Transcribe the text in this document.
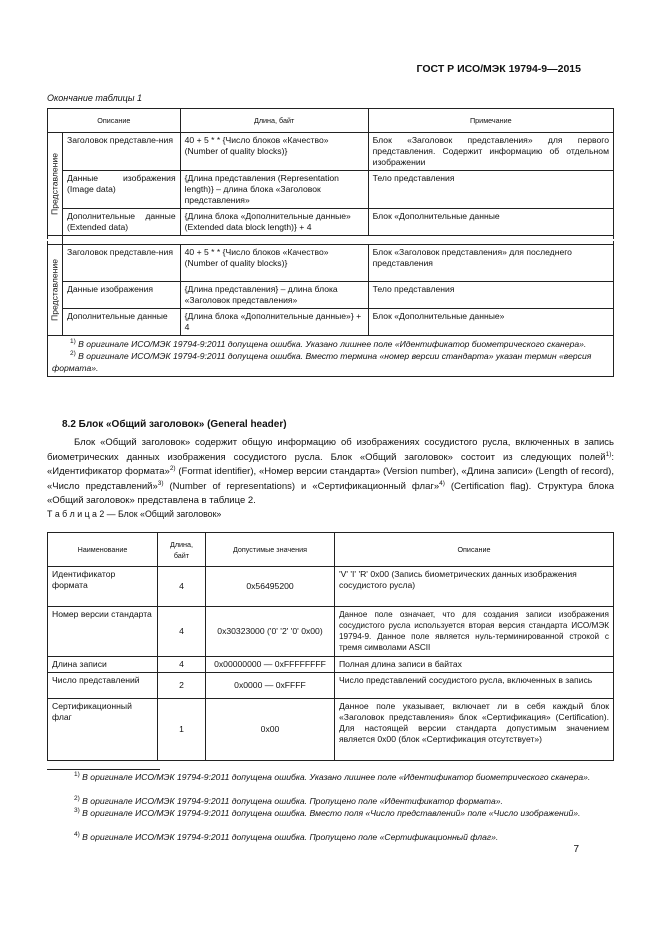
ГОСТ Р ИСО/МЭК 19794-9—2015
Окончание таблицы 1
Описание		Длина, байт	Примечание

Представление	Заголовок представле-ния	40 + 5 * * {Число блоков «Качество» (Number of quality blocks)}	Блок «Заголовок представления» для первого представления. Содержит информацию об отдельном изображении
	Данные изображения (Image data)	{Длина представления (Representation length)} – длина блока «Заголовок представления»	Тело представления
	Дополнительные данные (Extended data)	{Длина блока «Дополнительные данные» (Extended data block length)} + 4	Блок «Дополнительные данные

Представление	Заголовок представле-ния	40 + 5 * * {Число блоков «Качество» (Number of quality blocks)}	Блок «Заголовок представления» для последнего представления
	Данные изображения	{Длина представления} – длина блока «Заголовок представления»	Тело представления
	Дополнительные данные	{Длина блока «Дополнительные данные»} + 4	Блок «Дополнительные данные»

$^{1)}$ В оригинале ИСО/МЭК 19794-9:2011 допущена ошибка. Указано лишнее поле «Идентификатор биометрического сканера».
$^{2)}$ В оригинале ИСО/МЭК 19794-9:2011 допущена ошибка. Вместо термина «номер версии стандарта» указан термин «версия формата».			
8.2 Блок «Общий заголовок» (General header)
Блок «Общий заголовок» содержит общую информацию об изображениях сосудистого русла, включенных в запись биометрических данных изображения сосудистого русла. Блок «Общий заголовок» состоит из следующих полей$^{1)}$: «Идентификатор формата»$^{2)}$ (Format identifier), «Номер версии стандарта» (Version number), «Длина записи» (Length of record), «Число представлений»$^{3)}$ (Number of representations) и «Сертификационный флаг»$^{4)}$ (Certification flag). Структура блока «Общий заголовок» представлена в таблице 2.
Т а б л и ц а 2 — Блок «Общий заголовок»
Наименование	Длина, байт	Допустимые значения	Описание
Идентификатор формата	4	0x56495200	'V' 'I' 'R' 0x00 (Запись биометрических данных изображения сосудистого русла)
Номер версии стандарта	4	0x30323000 ('0' '2' '0' 0x00)	Данное поле означает, что для создания записи изображения сосудистого русла используется вторая версия стандарта ИСО/МЭК 19794-9. Данное поле является нуль-терминированной строкой с тремя символами ASCII
Длина записи	4	0x00000000 — 0xFFFFFFFF	Полная длина записи в байтах
Число представлений	2	0x0000 — 0xFFFF	Число представлений сосудистого русла, включенных в запись
Сертификационный флаг	1	0x00	Данное поле указывает, включает ли в себя каждый блок «Заголовок представления» блок «Сертификация» (Certification). Для настоящей версии стандарта допустимым значением является 0x00 (блок «Сертификация отсутствует»)
$^{1)}$ В оригинале ИСО/МЭК 19794-9:2011 допущена ошибка. Указано лишнее поле «Идентификатор биометрического сканера».
$^{2)}$ В оригинале ИСО/МЭК 19794-9:2011 допущена ошибка. Пропущено поле «Идентификатор формата».
$^{3)}$ В оригинале ИСО/МЭК 19794-9:2011 допущена ошибка. Вместо поля «Число представлений» поле «Число изображений».
$^{4)}$ В оригинале ИСО/МЭК 19794-9:2011 допущена ошибка. Пропущено поле «Сертификационный флаг».
7
